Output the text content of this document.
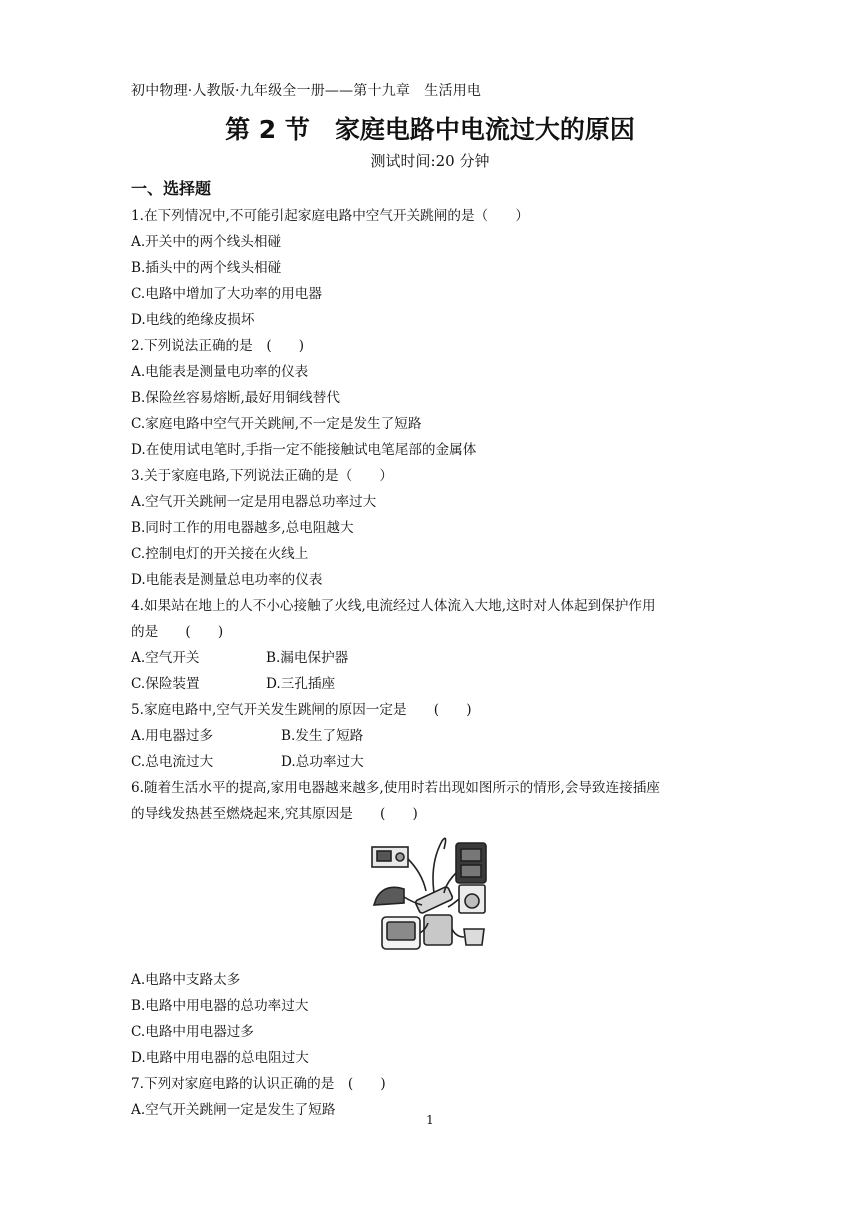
初中物理·人教版·九年级全一册——第十九章　生活用电
第 2 节　家庭电路中电流过大的原因
测试时间:20 分钟
一、选择题
1.在下列情况中,不可能引起家庭电路中空气开关跳闸的是（　　）
A.开关中的两个线头相碰
B.插头中的两个线头相碰
C.电路中增加了大功率的用电器
D.电线的绝缘皮损坏
2.下列说法正确的是　(　　)
A.电能表是测量电功率的仪表
B.保险丝容易熔断,最好用铜线替代
C.家庭电路中空气开关跳闸,不一定是发生了短路
D.在使用试电笔时,手指一定不能接触试电笔尾部的金属体
3.关于家庭电路,下列说法正确的是（　　）
A.空气开关跳闸一定是用电器总功率过大
B.同时工作的用电器越多,总电阻越大
C.控制电灯的开关接在火线上
D.电能表是测量总电功率的仪表
4.如果站在地上的人不小心接触了火线,电流经过人体流入大地,这时对人体起到保护作用
的是　　(　　)
A.空气开关	B.漏电保护器
C.保险装置	D.三孔插座
5.家庭电路中,空气开关发生跳闸的原因一定是　　(　　)
A.用电器过多	B.发生了短路
C.总电流过大	D.总功率过大
6.随着生活水平的提高,家用电器越来越多,使用时若出现如图所示的情形,会导致连接插座
的导线发热甚至燃烧起来,究其原因是　　(　　)
A.电路中支路太多
B.电路中用电器的总功率过大
C.电路中用电器过多
D.电路中用电器的总电阻过大
7.下列对家庭电路的认识正确的是　(　　)
A.空气开关跳闸一定是发生了短路
1
